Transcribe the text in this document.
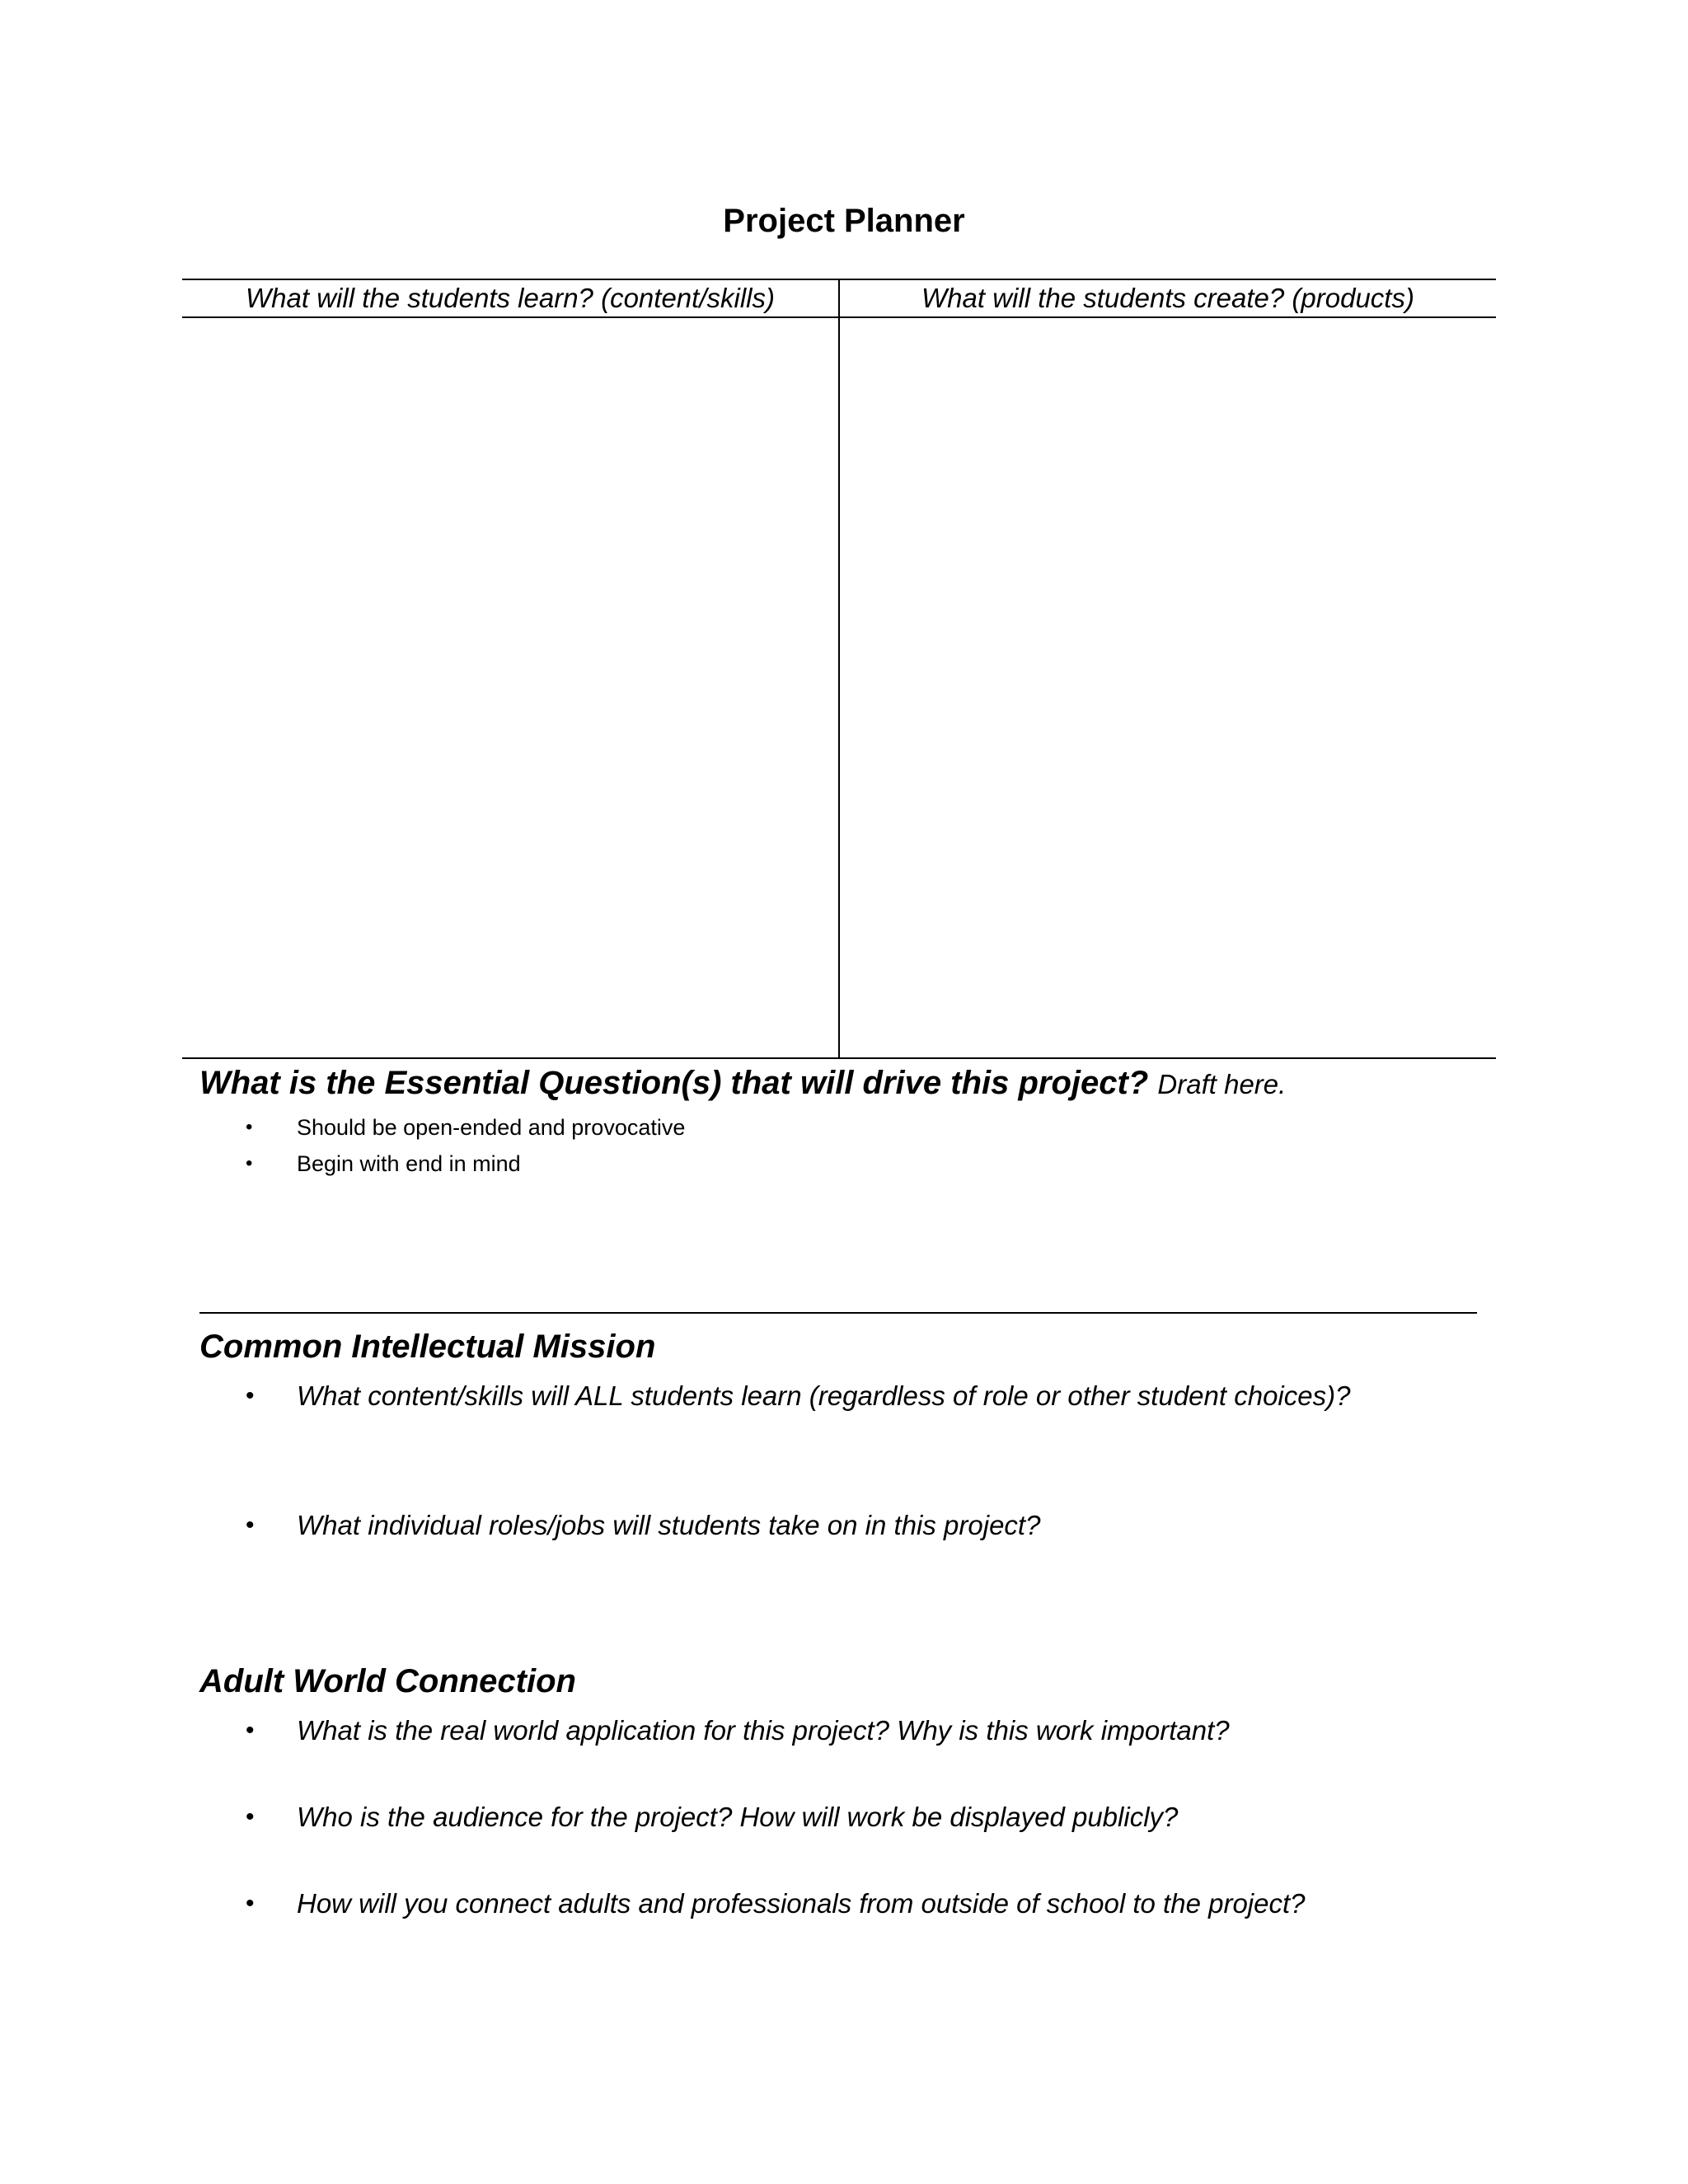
Project Planner
What will the students learn? (content/skills)	What will the students create? (products)
What is the Essential Question(s) that will drive this project? Draft here.
• Should be open-ended and provocative
• Begin with end in mind
Common Intellectual Mission
• What content/skills will ALL students learn (regardless of role or other student choices)?
• What individual roles/jobs will students take on in this project?
Adult World Connection
• What is the real world application for this project? Why is this work important?
• Who is the audience for the project? How will work be displayed publicly?
• How will you connect adults and professionals from outside of school to the project?
